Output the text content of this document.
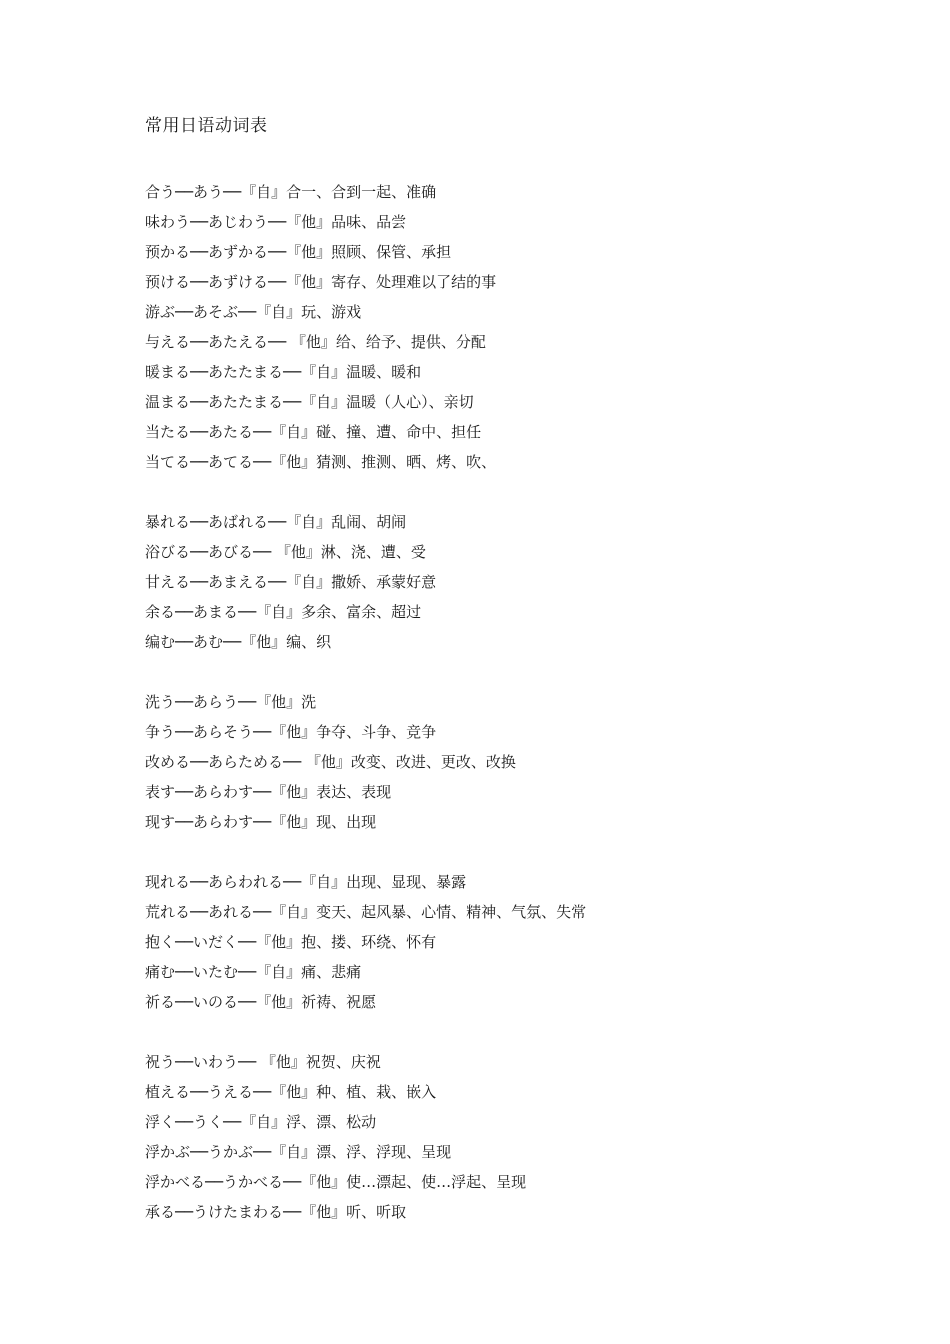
常用日语动词表
合う──あう──『自』合一、合到一起、准确
味わう──あじわう──『他』品味、品尝
预かる──あずかる──『他』照顾、保管、承担
预ける──あずける──『他』寄存、处理难以了结的事
游ぶ──あそぶ──『自』玩、游戏
与える──あたえる── 『他』给、给予、提供、分配
暖まる──あたたまる──『自』温暖、暖和
温まる──あたたまる──『自』温暖（人心）、亲切
当たる──あたる──『自』碰、撞、遭、命中、担任
当てる──あてる──『他』猜测、推测、晒、烤、吹、
暴れる──あばれる──『自』乱闹、胡闹
浴びる──あびる── 『他』淋、浇、遭、受
甘える──あまえる──『自』撒娇、承蒙好意
余る──あまる──『自』多余、富余、超过
编む──あむ──『他』编、织
洗う──あらう──『他』洗
争う──あらそう──『他』争夺、斗争、竞争
改める──あらためる── 『他』改变、改进、更改、改换
表す──あらわす──『他』表达、表现
现す──あらわす──『他』现、出现
现れる──あらわれる──『自』出现、显现、暴露
荒れる──あれる──『自』变天、起风暴、心情、精神、气氛、失常
抱く──いだく──『他』抱、搂、环绕、怀有
痛む──いたむ──『自』痛、悲痛
祈る──いのる──『他』祈祷、祝愿
祝う──いわう── 『他』祝贺、庆祝
植える──うえる──『他』种、植、栽、嵌入
浮く──うく──『自』浮、漂、松动
浮かぶ──うかぶ──『自』漂、浮、浮现、呈现
浮かべる──うかべる──『他』使…漂起、使…浮起、呈现
承る──うけたまわる──『他』听、听取
